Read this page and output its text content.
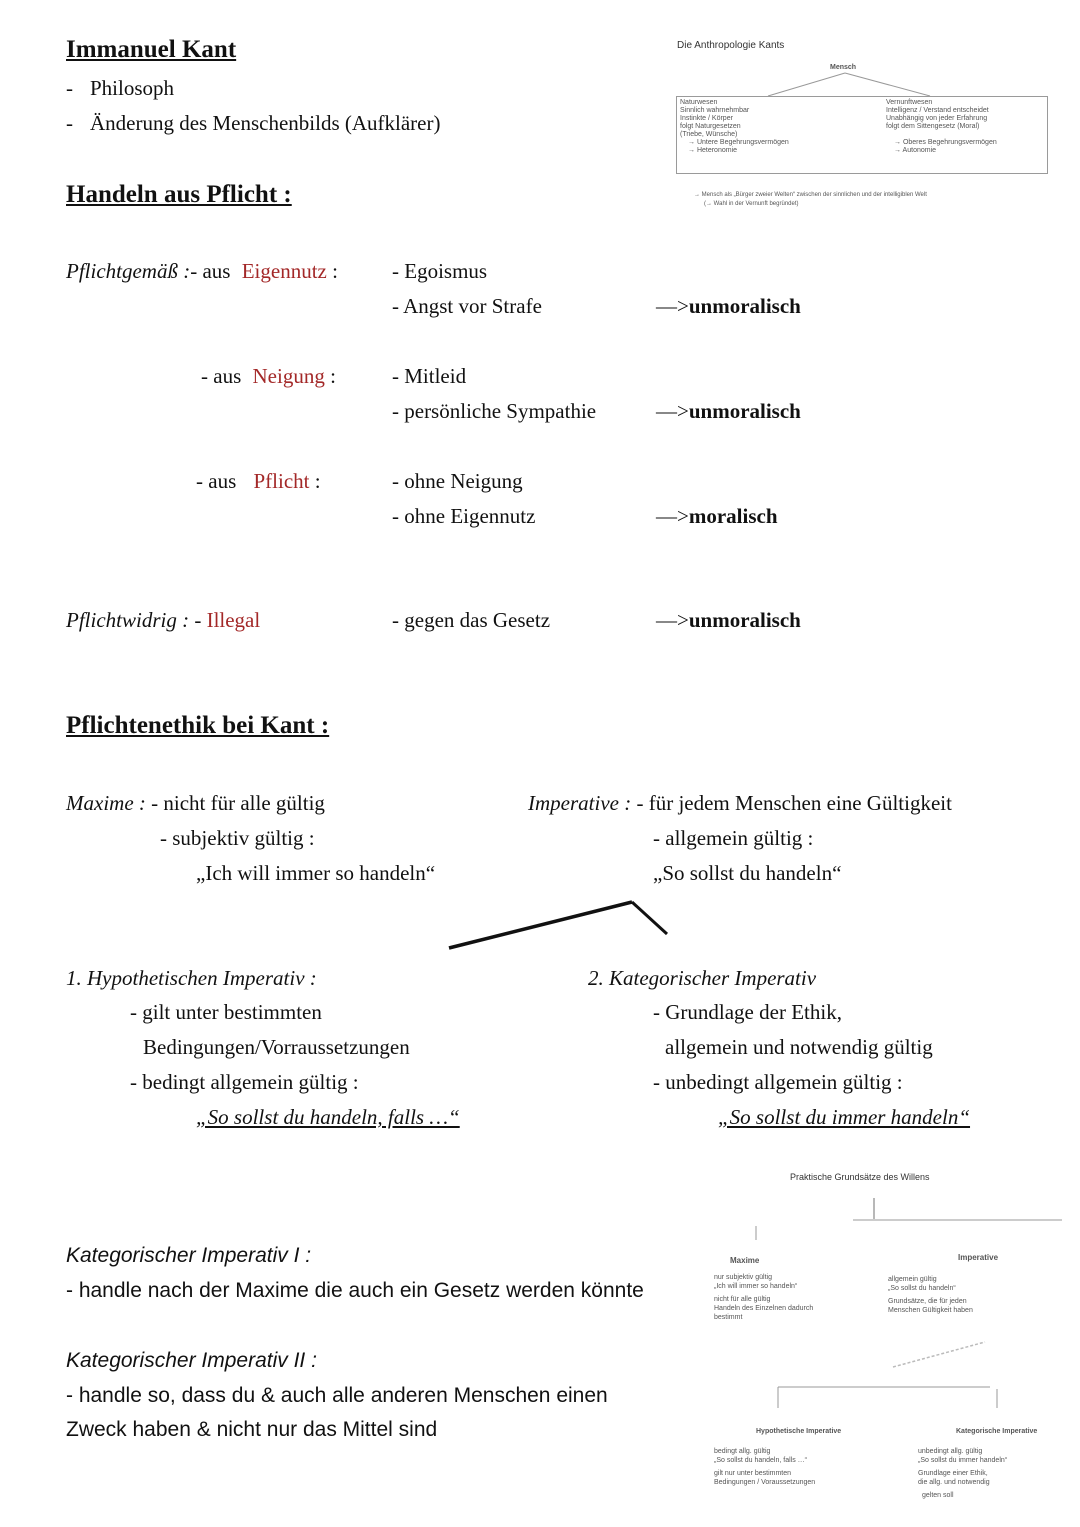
Immanuel Kant
- Philosoph
- Änderung des Menschenbilds (Aufklärer)
Handeln aus Pflicht :
Pflichtgemäß :- aus Eigennutz :	- Egoismus
- Angst vor Strafe	—>unmoralisch
- aus Neigung :	- Mitleid
- persönliche Sympathie	—>unmoralisch
- aus Pflicht :	- ohne Neigung
- ohne Eigennutz	—>moralisch
Pflichtwidrig : - Illegal	- gegen das Gesetz	—>unmoralisch
Pflichtenethik bei Kant :
Maxime : - nicht für alle gültig
- subjektiv gültig :
„Ich will immer so handeln“
Imperative : - für jedem Menschen eine Gültigkeit
- allgemein gültig :
„So sollst du handeln“
1. Hypothetischen Imperativ :
- gilt unter bestimmten
Bedingungen/Vorraussetzungen
- bedingt allgemein gültig :
„So sollst du handeln, falls …“
2. Kategorischer Imperativ
- Grundlage der Ethik,
allgemein und notwendig gültig
- unbedingt allgemein gültig :
„So sollst du immer handeln“
Kategorischer Imperativ I :
- handle nach der Maxime die auch ein Gesetz werden könnte
Kategorischer Imperativ II :
- handle so, dass du & auch alle anderen Menschen einen
Zweck haben & nicht nur das Mittel sind
Die Anthropologie Kants
Mensch
Naturwesen
Sinnlich wahrnehmbar
Instinkte / Körper
folgt Naturgesetzen
(Triebe, Wünsche)
→ Untere Begehrungsvermögen
→ Heteronomie
Vernunftwesen
Intelligenz / Verstand entscheidet
Unabhängig von jeder Erfahrung
folgt dem Sittengesetz (Moral)
→ Oberes Begehrungsvermögen
→ Autonomie
→ Mensch als „Bürger zweier Welten“ zwischen der sinnlichen und der intelligiblen Welt
(→ Wahl in der Vernunft begründet)
Praktische Grundsätze des Willens
Maxime
nur subjektiv gültig
„Ich will immer so handeln“
nicht für alle gültig
Handeln des Einzelnen dadurch
bestimmt
Imperative
allgemein gültig
„So sollst du handeln“
Grundsätze, die für jeden
Menschen Gültigkeit haben
Hypothetische Imperative
bedingt allg. gültig
„So sollst du handeln, falls …“
gilt nur unter bestimmten
Bedingungen / Voraussetzungen
Kategorische Imperative
unbedingt allg. gültig
„So sollst du immer handeln“
Grundlage einer Ethik,
die allg. und notwendig
gelten soll
